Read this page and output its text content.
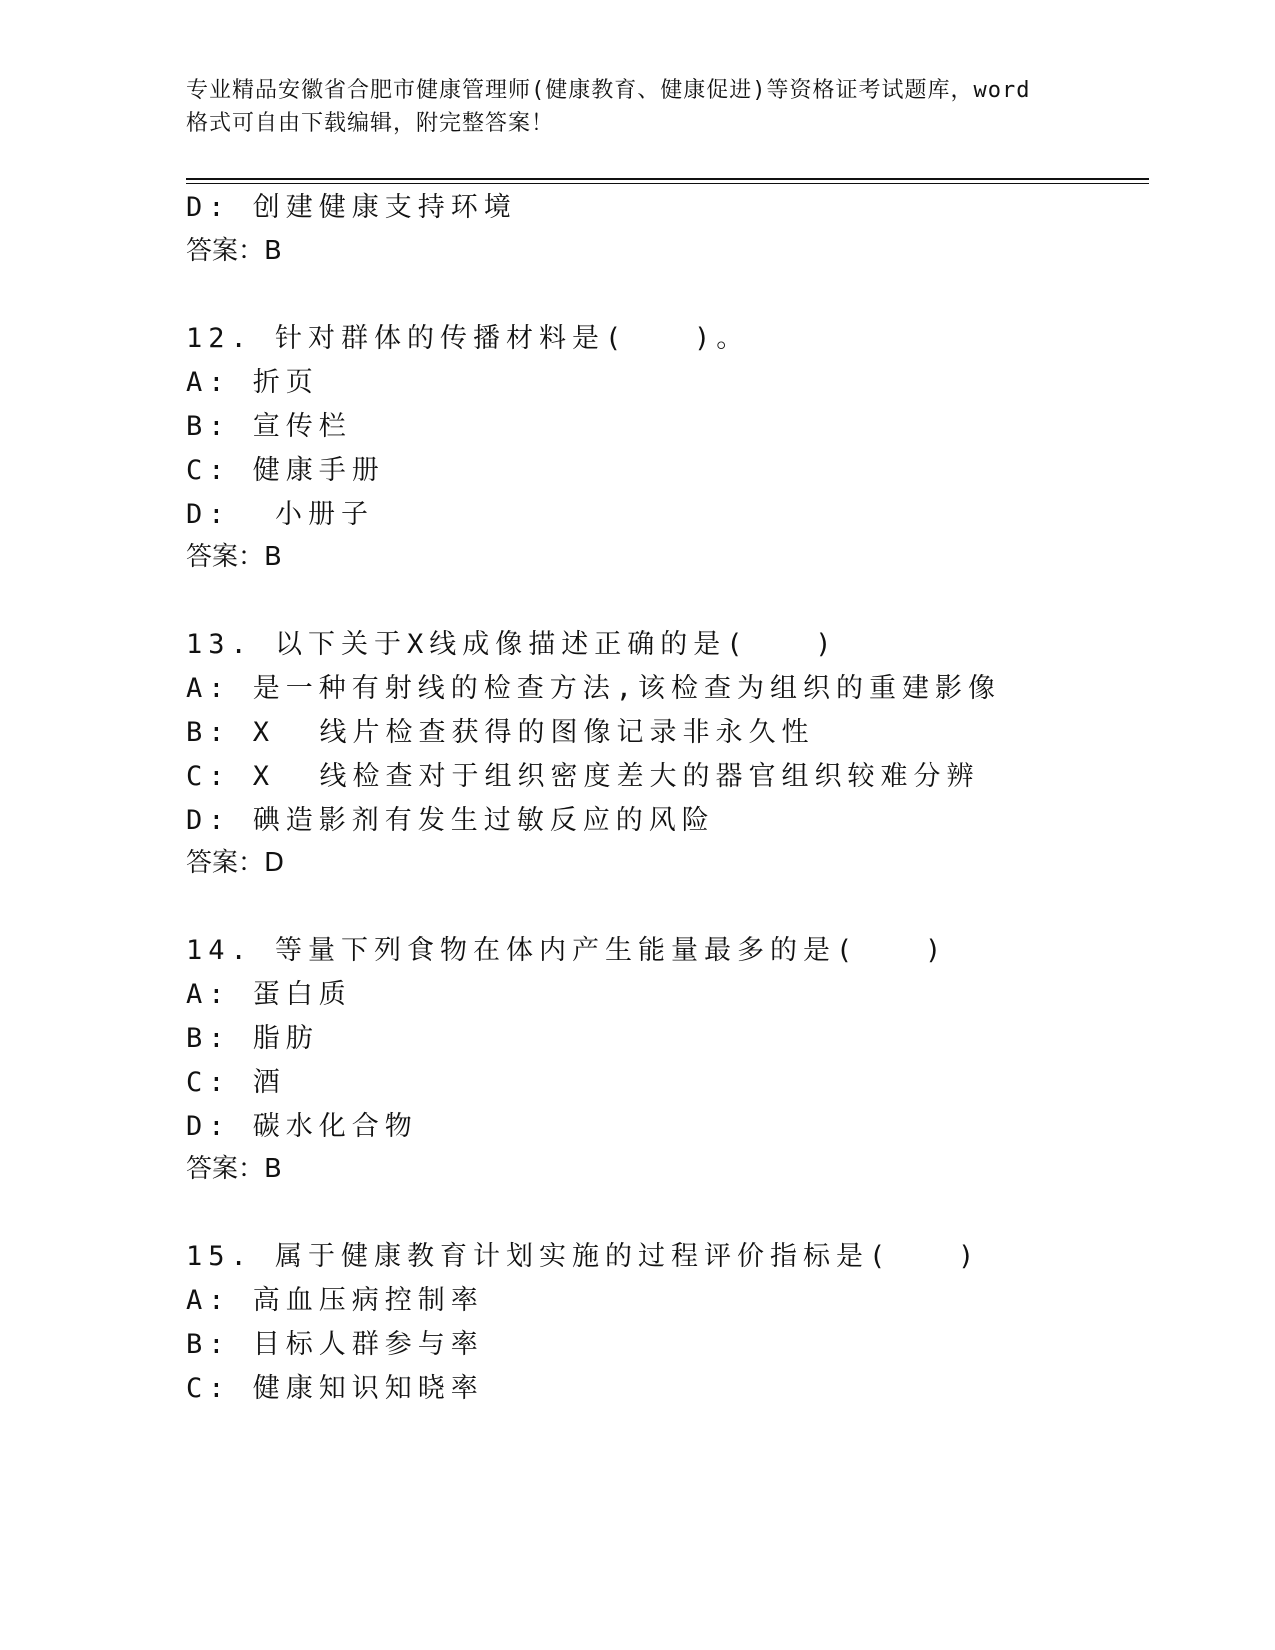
专业精品安徽省合肥市健康管理师(健康教育、健康促进)等资格证考试题库，word
格式可自由下载编辑，附完整答案！
D: 创建健康支持环境
答案：B
12. 针对群体的传播材料是(   )。
A: 折页
B: 宣传栏
C: 健康手册
D:  小册子
答案：B
13. 以下关于X线成像描述正确的是(   )
A: 是一种有射线的检查方法,该检查为组织的重建影像
B: X  线片检查获得的图像记录非永久性
C: X  线检查对于组织密度差大的器官组织较难分辨
D: 碘造影剂有发生过敏反应的风险
答案：D
14. 等量下列食物在体内产生能量最多的是(   )
A: 蛋白质
B: 脂肪
C: 酒
D: 碳水化合物
答案：B
15. 属于健康教育计划实施的过程评价指标是(   )
A: 高血压病控制率
B: 目标人群参与率
C: 健康知识知晓率
